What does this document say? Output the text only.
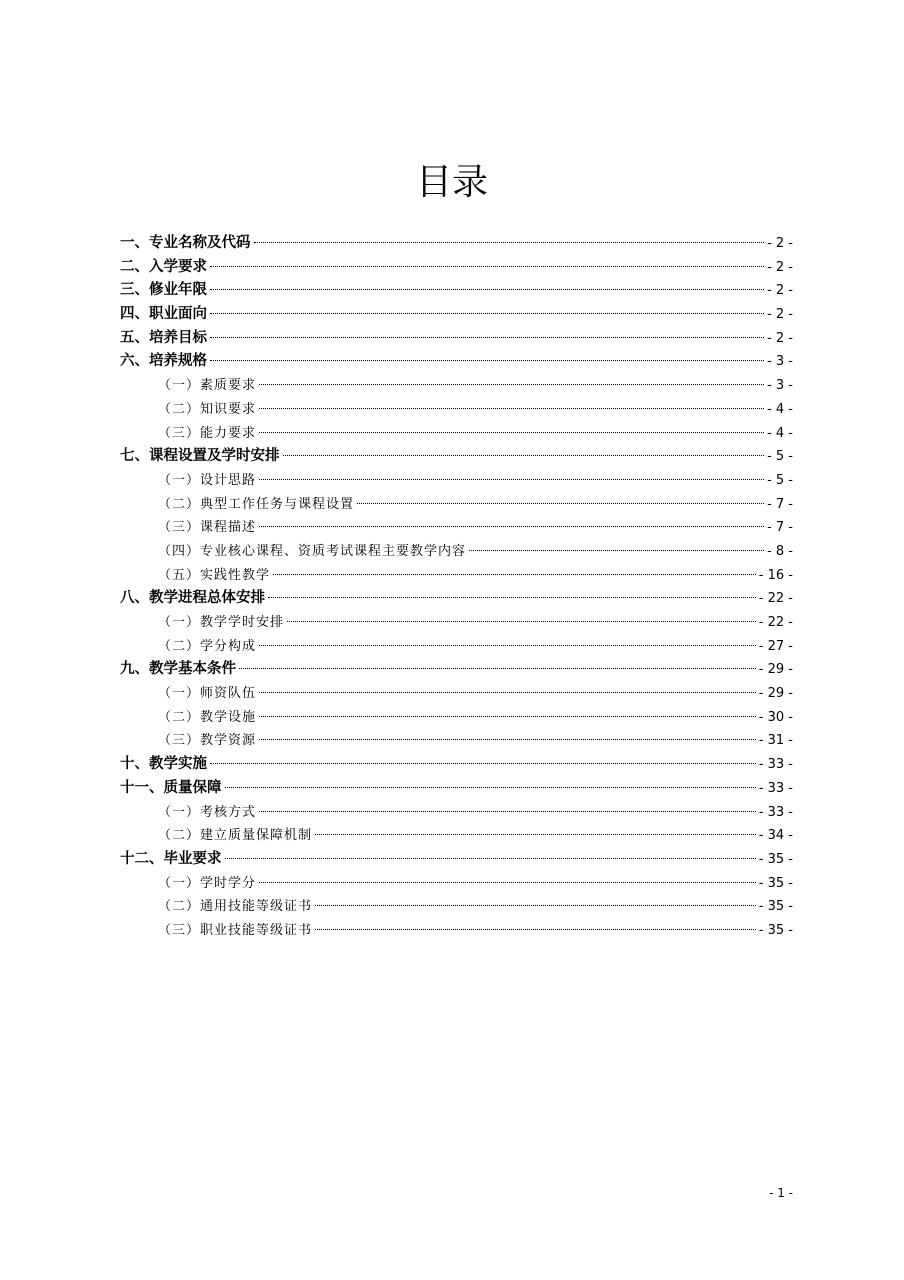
目录
一、专业名称及代码	- 2 -
二、入学要求	- 2 -
三、修业年限	- 2 -
四、职业面向	- 2 -
五、培养目标	- 2 -
六、培养规格	- 3 -
（一）素质要求	- 3 -
（二）知识要求	- 4 -
（三）能力要求	- 4 -
七、课程设置及学时安排	- 5 -
（一）设计思路	- 5 -
（二）典型工作任务与课程设置	- 7 -
（三）课程描述	- 7 -
（四）专业核心课程、资质考试课程主要教学内容	- 8 -
（五）实践性教学	- 16 -
八、教学进程总体安排	- 22 -
（一）教学学时安排	- 22 -
（二）学分构成	- 27 -
九、教学基本条件	- 29 -
（一）师资队伍	- 29 -
（二）教学设施	- 30 -
（三）教学资源	- 31 -
十、教学实施	- 33 -
十一、质量保障	- 33 -
（一）考核方式	- 33 -
（二）建立质量保障机制	- 34 -
十二、毕业要求	- 35 -
（一）学时学分	- 35 -
（二）通用技能等级证书	- 35 -
（三）职业技能等级证书	- 35 -
- 1 -
